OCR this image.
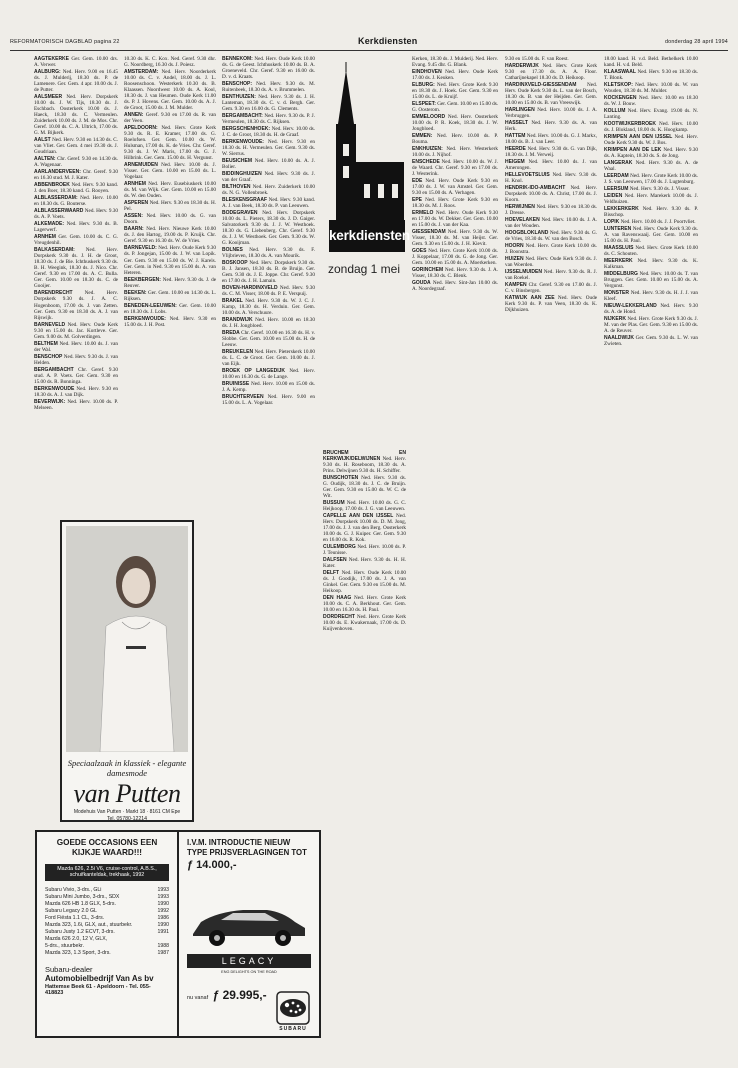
REFORMATORISCH DAGBLAD pagina 22	Kerkdiensten	donderdag 28 april 1994
kerkdiensten
zondag 1 mei

AAGTEKERKE Ger. Gem. 10.00 drs. A. Verwer.

AALBURG: Ned. Herv. 9.00 en 16.45 ds. J. Mulderij, 18.30 ds. P. de Lamenere. Ger. Gem. 4 apr. 10.00 ds. J. de Putter.

AALSMEER Ned. Herv. Dorpskerk 10.00 ds. J. W. Tijs, 18.30 ds. J. Eschbach. Oosterkerk 10.00 ds. J. Haeck, 18.30 ds. C. Vermeulen. Zuiderkerk 10.00 ds. J. M. de Mos. Chr. Geref. 10.00 ds. C. A. Ultrich, 17.00 ds. G. M. Bijkerk.

AALST Ned. Herv. 9.30 en 14.30 ds. C. van Vliet. Ger. Gem. 4 mei 19.30 ds. J. Goudriaan.

AALTEN: Chr. Geref. 9.30 en 14.30 ds. A. Wagenaar.

AARLANDERVEEN: Chr. Geref. 9.30 en 16.30 stud. M. J. Kater.

ABBENBROEK Ned. Herv. 9.30 kand. J. den Boer, 18.30 kand. G. Rooyen.

ALBLASSERDAM: Ned. Herv. 10.00 en 18.30 ds. G. Bouterse.

ALBLASSERWAARD Ned. Herv. 9.30 ds. A. P. Voets.

ALKEMADE: Ned. Herv. 9.30 ds. B. Lagerwerf.

ARNHEM Ger. Gem. 10.00 ds. C. G. Vreugdenhil.

BALKASERDAM: Ned. Herv. Dorpskerk 9.30 ds. J. H. de Groot, 18.30 ds. J. de Bie. Ichthuskerk 9.30 ds. B. H. Weegink, 18.30 ds. J. Nico. Chr. Geref. 9.30 en 17.00 ds. A. C. Bulla. Ger. Gem. 10.00 en 18.30 ds. C. de Gooijer.

BARENDRECHT Ned. Herv. Dorpskerk 9.30 ds. J. A. C. Hogenboom, 17.00 ds. J. van Zetten. Ger. Gem. 9.30 en 18.30 ds. A. J. van Rijswijk.

BARNEVELD Ned. Herv. Oude Kerk 9.30 en 15.00 ds. Jac. Kortleve. Ger. Gem. 9.00 ds. M. Golverdingen.

BELTHEM Ned. Herv. 10.00 ds. J. van der Wal.

BENSCHOP Ned. Herv. 9.30 ds. J. van Helden.

BERGAMBACHT Chr. Geref. 9.30 stud. A. P. Voets. Ger. Gem. 9.30 en 15.00 ds. R. Bonninga.

BERKENWOUDE Ned. Herv. 9.30 en 18.30 ds. A. J. van Dijk.

BEVERWIJK: Ned. Herv. 10.00 ds. P. Melseen.

10.30 ds. K. C. Kox. Ned. Geref. 9.30 dhr. G. Noordberg, 16.30 ds. J. Poiesz.

AMSTERDAM: Ned. Herv. Noorderkerk 10.00 ds. C. v. Andel, 18.00 ds. J. L. Roosenschoon. Westerkerk 10.30 ds. B. Klaassen. Noordwest 10.00 ds. A. Kool, 18.30 ds. J. van Heumen. Oude Kerk 11.00 ds. P. J. Hovens. Ger. Gem. 10.00 ds. A. J. de Groot, 15.00 ds. J. M. Mulder.

ANNEN: Geref. 9.30 en 17.00 ds. R. van der Veen.

APELDOORN: Ned. Herv. Grote Kerk 9.30 ds. R. E. Kramer, 17.00 ds. G. Roelofsen. Ger. Gem. 10.00 ds. W. Hulsman, 17.00 ds. K. de Vries. Chr. Geref. 9.30 ds. J. W. Maris, 17.00 ds. G. J. Hilbrink. Ger. Gem. 15.00 ds. H. Vergunst.

ARNEMUIDEN Ned. Herv. 10.00 ds. J. Visser. Ger. Gem. 10.00 en 15.00 ds. L. Vogelaar.

ARNHEM Ned. Herv. Eusebiuskerk 10.00 ds. M. van Wijk. Ger. Gem. 10.00 en 15.00 ds. W. den Ouden.

ASPEREN Ned. Herv. 9.30 en 18.30 ds. H. Pel.

ASSEN: Ned. Herv. 10.00 ds. G. van Doorn.

BAARN: Ned. Herv. Nieuwe Kerk 10.00 ds. J. den Hartog, 19.00 ds. P. Kruijk. Chr. Geref. 9.30 en 16.30 ds. W. de Vries.

BARNEVELD: Ned. Herv. Oude Kerk 9.30 ds. P. Jongejan, 15.00 ds. J. W. van Lopik. Ger. Gem. 9.30 en 15.00 ds. W. J. Karels. Ger. Gem. in Ned. 9.30 en 15.00 ds. A. van Heteren.

BEEKBERGEN: Ned. Herv. 9.30 ds. J. de Reuver.

BEEKEN: Ger. Gem. 10.00 en 14.30 ds. L. Rijksen.

BENEDEN-LEEUWEN: Ger. Gem. 10.00 en 18.30 ds. J. Lobs.

BERKENWOUDE: Ned. Herv. 9.30 en 15.00 ds. J. H. Post.

BENNEKOM: Ned. Herv. Oude Kerk 10.00 ds. G. de Geest. Ichthuskerk 10.00 ds. B. A. Groeneveld. Chr. Geref. 9.30 en 16.00 ds. D. v. d. Kraats.

BENSCHOP: Ned. Herv. 9.30 ds. M. Ruitenbeek, 18.30 ds. A. v. Brummelen.

BENTHUIZEN: Ned. Herv. 9.30 ds. J. H. Lanteman, 18.30 ds. C. v. d. Bergh. Ger. Gem. 9.30 en 16.00 ds. G. Clements.

BERGAMBACHT: Ned. Herv. 9.30 ds. P. J. Vermeulen, 18.30 ds. C. Rijksen.

BERGSCHENHOEK: Ned. Herv. 10.00 ds. J. C. de Groot, 18.30 ds. H. de Graaf.

BERKENWOUDE: Ned. Herv. 9.30 en 18.30 ds. H. Vermeulen. Ger. Gem. 9.30 ds. W. Sierrus.

BEUSICHEM Ned. Herv. 10.00 ds. A. J. Bolier.

BIDDINGHUIZEN Ned. Herv. 9.30 ds. J. van der Graaf.

BILTHOVEN Ned. Herv. Zuiderkerk 10.00 ds. N. G. Vollenbroek.

BLESKENSGRAAF Ned. Herv. 9.30 kand. A. J. van Beek, 18.30 ds. P. van Leeuwen.

BODEGRAVEN Ned. Herv. Dorpskerk 10.00 ds. L. Pieters, 18.30 ds. J. D. Gaiger. Salvatorkerk 9.30 ds. J. J. W. Westhoek. 18.30 ds. G. Liebenberg. Chr. Geref. 9.30 ds. J. J. W. Westhoek. Ger. Gem. 9.30 ds. W. G. Kooijman.

BOLNES Ned. Herv. 9.30 ds. F. Vlijbrieven, 18.30 ds. A. van Mourik.

BOSKOOP Ned. Herv. Dorpskerk 9.30 ds. B. J. Jansen, 18.30 ds. B. de Bruijn. Ger. Gem. 9.30 ds. J. E. Joppe. Chr. Geref. 9.30 en 17.00 ds. J. H. Lamain.

BOVEN-HARDINXVELD Ned. Herv. 9.30 ds. C. M. Visser, 18.00 ds. P. E. Verspuij.

BRAKEL Ned. Herv. 9.30 ds. W. J. C. J. Kamp, 18.30 ds. H. Verduin. Ger. Gem. 10.00 ds. A. Verschuure.

BRANDWIJK Ned. Herv. 10.00 en 18.30 ds. J. H. Jongbloed.

BREDA Chr. Geref. 10.00 en 16.30 ds. H. v. Slobbe. Ger. Gem. 10.00 en 15.00 ds. H. de Leeuw.

BREUKELEN Ned. Herv. Pieterskerk 10.00 ds. L. C. de Groot. Ger. Gem. 10.00 ds. J. van Eijk.

BROEK OP LANGEDIJK Ned. Herv. 10.00 en 16.30 ds. G. de Lange.

BRUINISSE Ned. Herv. 10.00 en 15.00 ds. J. A. Kemp.

BRUCHTERVEEN Ned. Herv. 9.00 en 15.00 ds. L. A. Vogelaar.

BRUCHEM EN KERKWIJK/DELWIJNEN Ned. Herv. 9.30 ds. H. Roseboom, 18.30 ds. A. Prins. Delwijnen 9.30 ds. H. Schiffer.

BUNSCHOTEN Ned. Herv. 9.30 ds. G. Oudijk, 18.30 ds. J. C. de Bruijn. Ger. Gem. 9.30 en 15.00 ds. W. C. de Wit.

BUSSUM Ned. Herv. 10.00 ds. G. C. Heijkoop, 17.00 ds. J. G. van Leeuwen.

CAPELLE AAN DEN IJSSEL Ned. Herv. Dorpskerk 10.00 ds. D. M. Jong, 17.00 ds. J. J. van den Berg. Oosterkerk 10.00 ds. G. J. Kuiper. Ger. Gem. 9.30 en 16.00 ds. R. Kok.

CULEMBORG Ned. Herv. 10.00 ds. P. J. Teunisse.

DALFSEN Ned. Herv. 9.30 ds. H. H. Kater.

DELFT Ned. Herv. Oude Kerk 10.00 ds. J. Goodijk, 17.00 ds. J. A. van Ginkel. Ger. Gem. 9.30 en 15.00 ds. M. Heikoop.

DEN HAAG Ned. Herv. Grote Kerk 10.00 ds. C. A. Berkhout. Ger. Gem. 10.00 en 16.30 ds. H. Paul.

DORDRECHT Ned. Herv. Grote Kerk 10.00 ds. E. Kwakernaak, 17.00 ds. D. Kuijvenhoven.

Kerken, 18.30 ds. J. Mulderij. Ned. Herv. Evang. 9.45 dhr. G. Blank.

EINDHOVEN Ned. Herv. Oude Kerk 17.00 ds. J. Keuken.

ELBURG: Ned. Herv. Grote Kerk 9.30 en 18.30 ds. J. Hoek. Ger. Gem. 9.30 en 15.00 ds. L. de Kruijf.

ELSPEET: Ger. Gem. 10.00 en 15.00 ds. G. Oosterom.

EMMELOORD Ned. Herv. Oosterkerk 10.00 ds. P. R. Koek, 18.30 ds. J. W. Jongbloed.

EMMEN: Ned. Herv. 10.00 ds. P. Bouma.

ENKHUIZEN: Ned. Herv. Westerkerk 10.00 ds. J. Nijhof.

ENSCHEDE Ned. Herv. 10.00 ds. W. J. de Waard. Chr. Geref. 9.30 en 17.00 ds. J. Westerink.

EDE Ned. Herv. Oude Kerk 9.30 en 17.00 ds. J. W. van Amstel. Ger. Gem. 9.30 en 15.00 ds. A. Verhagen.

EPE Ned. Herv. Grote Kerk 9.30 en 18.30 ds. M. J. Roos.

ERMELO Ned. Herv. Oude Kerk 9.30 en 17.00 ds. W. Dekker. Ger. Gem. 10.00 en 15.00 ds. J. van der Kaa.

GIESSENDAM Ned. Herv. 9.30 ds. W. Visser, 18.30 ds. M. van Heijst. Ger. Gem. 9.30 en 15.00 ds. J. H. Kievit.

GOES Ned. Herv. Grote Kerk 10.00 ds. J. Koppelaar, 17.00 ds. G. de Jong. Ger. Gem. 10.00 en 15.00 ds. A. Moerkerken.

GORINCHEM Ned. Herv. 9.30 ds. J. A. Visser, 18.30 ds. C. Blenk.

GOUDA Ned. Herv. Sint-Jan 10.00 ds. A. Noordegraaf.

9.30 en 15.00 ds. F. van Roest.

HARDERWIJK Ned. Herv. Grote Kerk 9.30 en 17.30 ds. A. A. Floor. Catharijnekapel 18.30 ds. D. Heikoop.

HARDINXVELD-GIESSENDAM Ned. Herv. Oude Kerk 9.30 ds. L. van der Bosch, 18.30 ds. B. van der Heijden. Ger. Gem. 10.00 en 15.00 ds. B. van Vreeswijk.

HARLINGEN Ned. Herv. 10.00 ds. J. A. Verbruggen.

HASSELT Ned. Herv. 9.30 ds. A. van Herk.

HATTEM Ned. Herv. 10.00 ds. G. J. Markx, 18.00 ds. B. J. van Leer.

HEERDE Ned. Herv. 9.30 ds. G. van Dijk, 18.30 ds. J. M. Verweij.

HEIGEM Ned. Herv. 10.00 ds. J. van Amerongen.

HELLEVOETSLUIS Ned. Herv. 9.30 ds. H. Knol.

HENDRIK-IDO-AMBACHT Ned. Herv. Dorpskerk 10.00 ds. A. Christ, 17.00 ds. J. Koorn.

HERWIJNEN Ned. Herv. 9.30 en 18.30 ds. J. Dresse.

HOEVELAKEN Ned. Herv. 10.00 ds. J. A. van der Wouden.

HOOGBLOKLAND Ned. Herv. 9.30 ds. G. de Vries, 18.30 ds. W. van den Bosch.

HOORN Ned. Herv. Grote Kerk 10.00 ds. J. Boonstra.

HUIZEN Ned. Herv. Oude Kerk 9.30 ds. J. van Woerden.

IJSSELMUIDEN Ned. Herv. 9.30 ds. R. J. van Roekel.

KAMPEN Chr. Geref. 9.30 en 17.00 ds. J. C. v. Binsbergen.

KATWIJK AAN ZEE Ned. Herv. Oude Kerk 9.30 ds. P. van Veen, 18.30 ds. K. Dijkhuizen.

18.00 kand. H. v.d. Beld. Bethelkerk 10.00 kand. H. v.d. Beld.

KLAASWAAL Ned. Herv. 9.30 en 18.30 ds. T. Blonk.

KLETSKOP: Ned. Herv. 10.00 ds. W. van Wouden, 18.30 ds. M. Mulder.

KOCKENGEN Ned. Herv. 10.00 en 18.30 ds. W. J. Bouw.

KOLLUM Ned. Herv. Evang. 19.00 ds. N. Lanting.

KOOTWIJKERBROEK Ned. Herv. 10.00 ds. J. Blokland, 18.00 ds. K. Hoogkamp.

KRIMPEN AAN DEN IJSSEL Ned. Herv. Oude Kerk 9.30 ds. W. J. Bos.

KRIMPEN AAN DE LEK Ned. Herv. 9.30 ds. A. Kaptein, 18.30 ds. S. de Jong.

LANGERAK Ned. Herv. 9.30 ds. A. de Waal.

LEERDAM Ned. Herv. Grote Kerk 10.00 ds. J. S. van Leeuwen, 17.00 ds. J. Lugtenburg.

LEERSUM Ned. Herv. 9.30 ds. J. Visser.

LEIDEN Ned. Herv. Marekerk 10.00 ds. J. Veldhuizen.

LEKKERKERK Ned. Herv. 9.30 ds. P. Bisschop.

LOPIK Ned. Herv. 10.00 ds. J. J. Poortvliet.

LUNTEREN Ned. Herv. Oude Kerk 9.30 ds. A. van Ravenswaaij. Ger. Gem. 10.00 en 15.00 ds. H. Paul.

MAASSLUIS Ned. Herv. Grote Kerk 10.00 ds. C. Schouten.

MEERKERK Ned. Herv. 9.30 ds. K. Kalkman.

MIDDELBURG Ned. Herv. 10.00 ds. T. van Bruggen. Ger. Gem. 10.00 en 15.00 ds. A. Vergunst.

MONSTER Ned. Herv. 9.30 ds. H. J. J. van Kleef.

NIEUW-LEKKERLAND Ned. Herv. 9.30 ds. A. de Hond.

NIJKERK Ned. Herv. Grote Kerk 9.30 ds. J. M. van der Plas. Ger. Gem. 9.30 en 15.00 ds. A. de Reuver.

NAALDWIJK Ger. Gem. 9.30 ds. L. W. van Zwieten.

Speciaalzaak in klassiek - elegante damesmode
van Putten
Modehuis Van Putten · Markt 18 · 8161 CM Epe
Tel. 05780-12214
GOEDE OCCASIONS EEN KIJKJE WAARD!!!
Mazda 626, 2.5i V6, cruise-control, A.B.S., schuifkanteldak, trekhaak, 1992
Subaru Vivio, 3-drs., GLi	1993
Subaru Mini Jumbo, 3-drs., SDX	1993
Mazda 626 HB 1.8 GLX, 5-drs.	1990
Subaru Legacy 2.0 GL	1992
Ford Fiësta 1.1 CL, 3-drs.	1986
Mazda 323, 1.6i, GLX, aut., stuurbekr.	1990
Subaru Justy 1.2 ECVT, 3-drs.	1991
Mazda 626 2.0, 12 V, GLX,
5-drs., stuurbekr.	1988
Mazda 323, 1.3 Sport, 3-drs.	1987
Subaru-dealer
Automobielbedrijf Van As bv
Hattemse Beek 61 - Apeldoorn - Tel. 055-418823
I.V.M. INTRODUCTIE NIEUW TYPE PRIJSVERLAGINGEN TOT
ƒ 14.000,-
LEGACY
ENG DELIGHTS ON THE ROAD
nu vanaf ƒ 29.995,-
SUBARU
